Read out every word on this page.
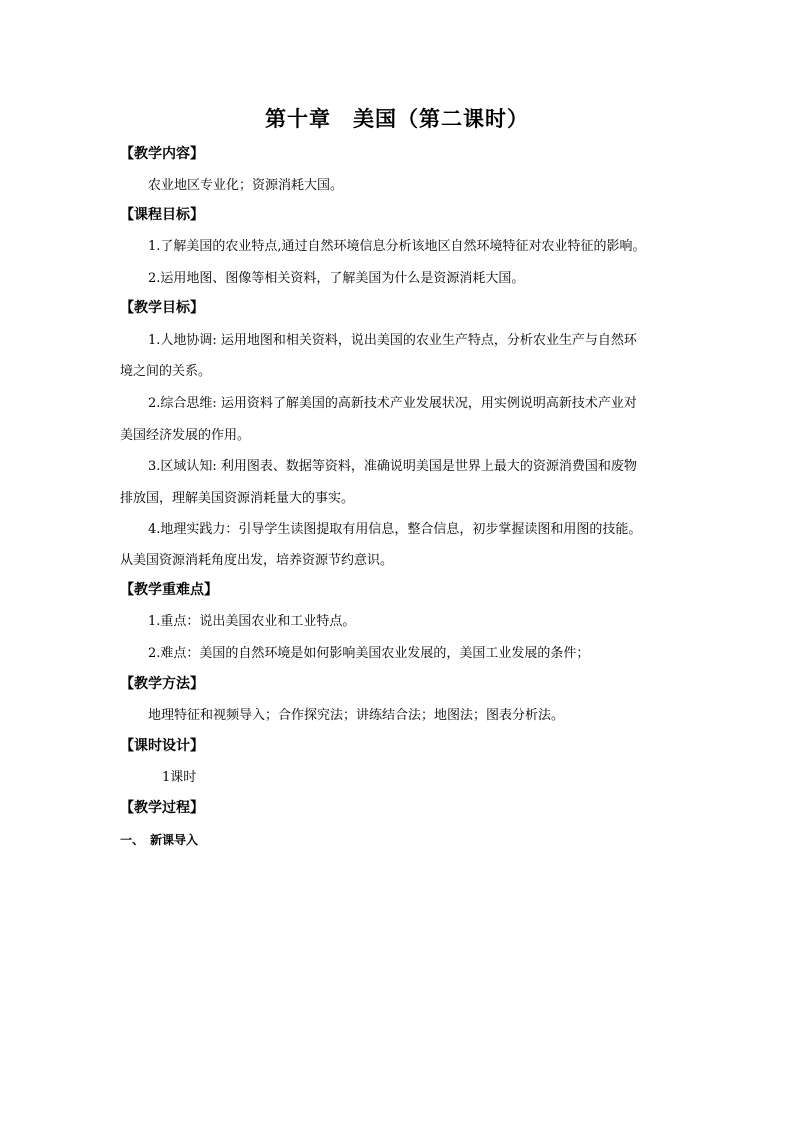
第十章　美国（第二课时）
【教学内容】
农业地区专业化；资源消耗大国。
【课程目标】
1.了解美国的农业特点,通过自然环境信息分析该地区自然环境特征对农业特征的影响。
2.运用地图、图像等相关资料，了解美国为什么是资源消耗大国。
【教学目标】
1.人地协调: 运用地图和相关资料，说出美国的农业生产特点，分析农业生产与自然环
境之间的关系。
2.综合思维: 运用资料了解美国的高新技术产业发展状况，用实例说明高新技术产业对
美国经济发展的作用。
3.区域认知: 利用图表、数据等资料，准确说明美国是世界上最大的资源消费国和废物
排放国，理解美国资源消耗量大的事实。
4.地理实践力：引导学生读图提取有用信息，整合信息，初步掌握读图和用图的技能。
从美国资源消耗角度出发，培养资源节约意识。
【教学重难点】
1.重点：说出美国农业和工业特点。
2.难点：美国的自然环境是如何影响美国农业发展的，美国工业发展的条件；
【教学方法】
地理特征和视频导入；合作探究法；讲练结合法；地图法；图表分析法。
【课时设计】
1课时
【教学过程】
一、　新课导入
